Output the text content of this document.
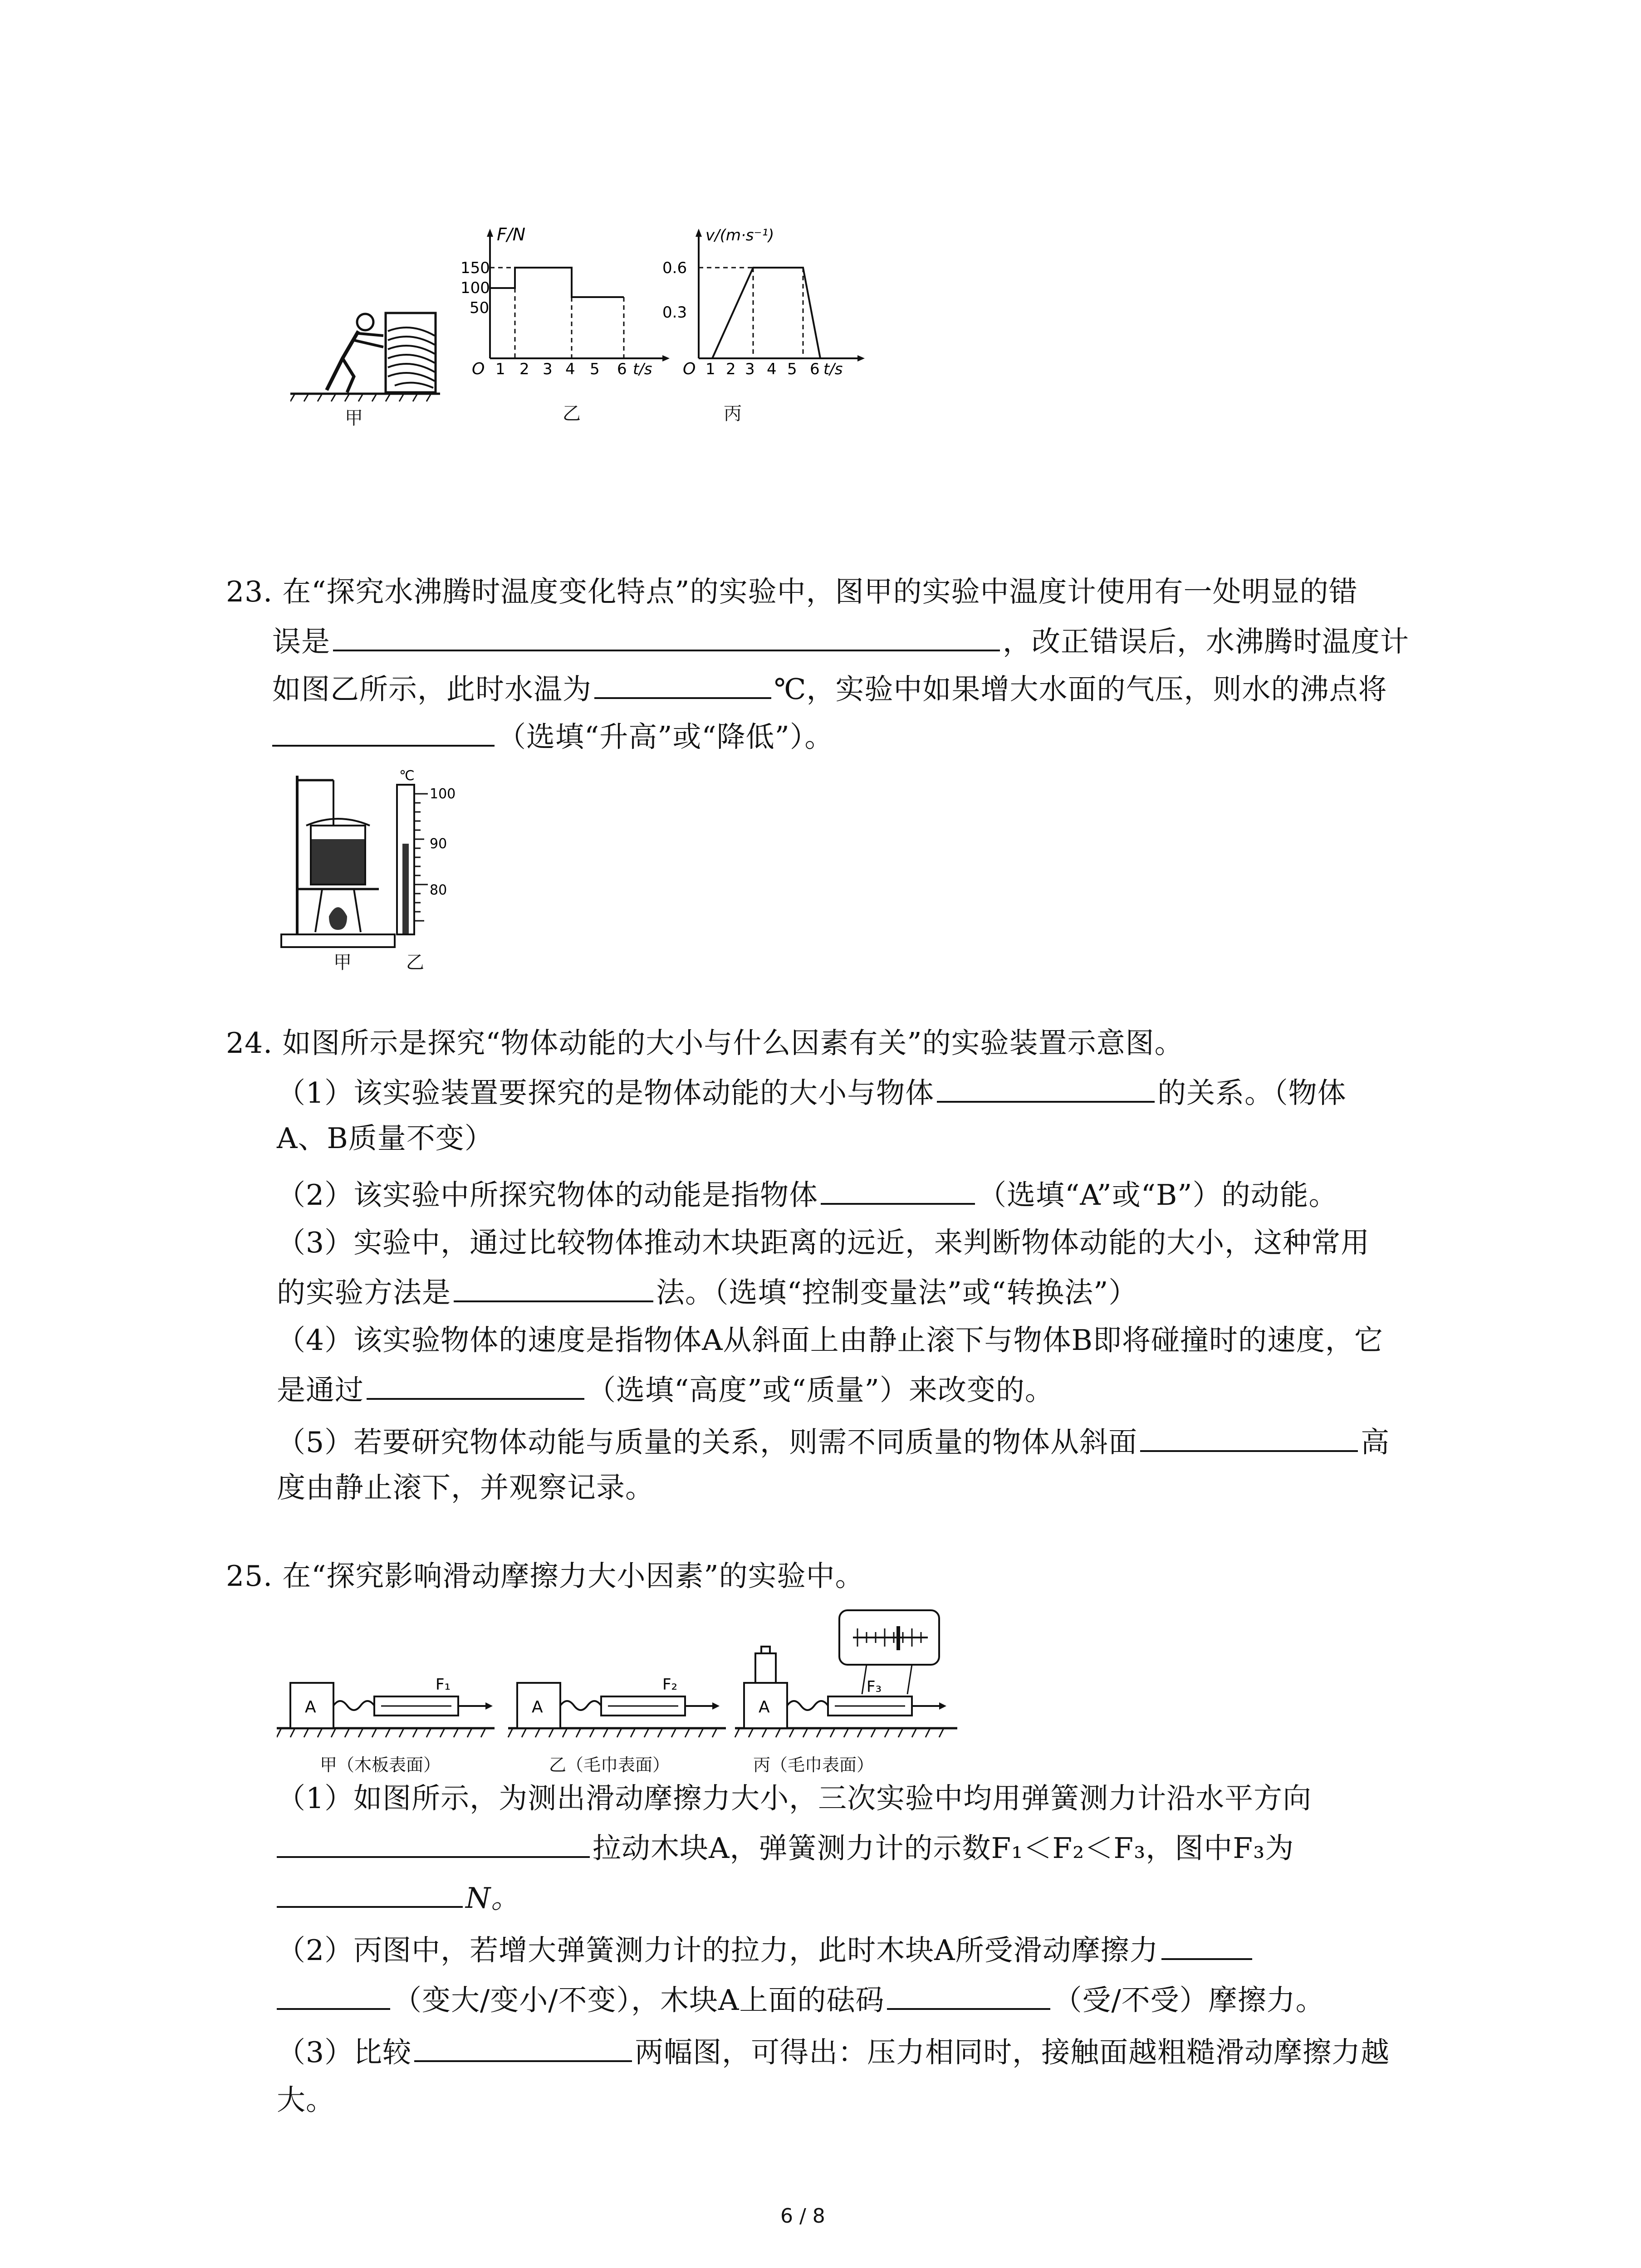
甲
F/N
150
100
50
O 1 2 3 4 5 6 t/s
乙
v/(m·s⁻¹)
0.6
0.3
O 1 2 3 4 5 6 t/s
丙
23. 在“探究水沸腾时温度变化特点”的实验中，图甲的实验中温度计使用有一处明显的错
误是	，改正错误后，水沸腾时温度计
如图乙所示，此时水温为	℃，实验中如果增大水面的气压，则水的沸点将
（选填“升高”或“降低”）。
℃
100
90
80
甲	乙
24. 如图所示是探究“物体动能的大小与什么因素有关”的实验装置示意图。
（1）该实验装置要探究的是物体动能的大小与物体	的关系。（物体
A、B质量不变）
（2）该实验中所探究物体的动能是指物体	（选填“A”或“B”）的动能。
（3）实验中，通过比较物体推动木块距离的远近，来判断物体动能的大小，这种常用
的实验方法是	法。（选填“控制变量法”或“转换法”）
（4）该实验物体的速度是指物体A从斜面上由静止滚下与物体B即将碰撞时的速度，它
是通过	（选填“高度”或“质量”）来改变的。
（5）若要研究物体动能与质量的关系，则需不同质量的物体从斜面	高
度由静止滚下，并观察记录。
25. 在“探究影响滑动摩擦力大小因素”的实验中。
A	A	A
F₁	F₂	F₃
甲（木板表面）	乙（毛巾表面）	丙（毛巾表面）
（1）如图所示，为测出滑动摩擦力大小，三次实验中均用弹簧测力计沿水平方向
拉动木块A，弹簧测力计的示数F₁＜F₂＜F₃，图中F₃为
N。
（2）丙图中，若增大弹簧测力计的拉力，此时木块A所受滑动摩擦力
（变大/变小/不变），木块A上面的砝码	（受/不受）摩擦力。
（3）比较	两幅图，可得出：压力相同时，接触面越粗糙滑动摩擦力越
大。
6 / 8
